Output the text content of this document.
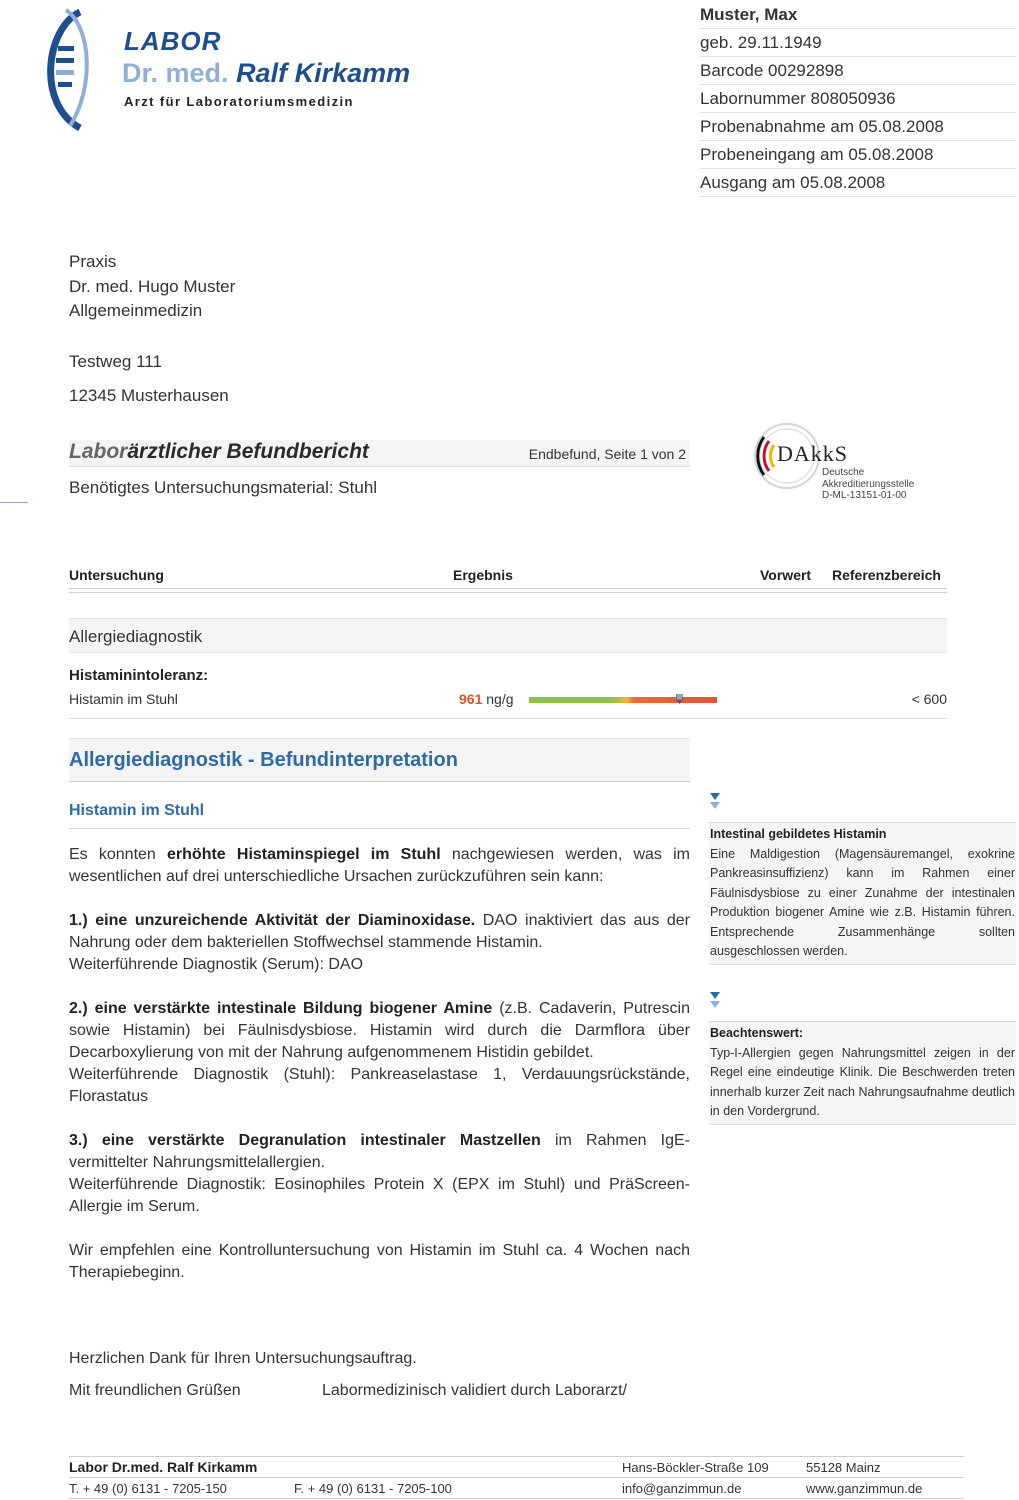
LABOR
Dr. med. Ralf Kirkamm
Arzt für Laboratoriumsmedizin
Muster, Max
geb. 29.11.1949
Barcode 00292898
Labornummer 808050936
Probenabnahme am 05.08.2008
Probeneingang am 05.08.2008
Ausgang am 05.08.2008
Praxis
Dr. med. Hugo Muster
Allgemeinmedizin
Testweg 111
12345 Musterhausen
Laborärztlicher Befundbericht	Endbefund, Seite 1 von 2
Benötigtes Untersuchungsmaterial: Stuhl
DAkkS
Deutsche
Akkreditierungsstelle
D-ML-13151-01-00
Untersuchung	Ergebnis	Vorwert Referenzbereich
Allergiediagnostik
Histaminintoleranz:
Histamin im Stuhl	961 ng/g	< 600
Allergiediagnostik - Befundinterpretation
Histamin im Stuhl
Es konnten erhöhte Histaminspiegel im Stuhl nachgewiesen werden, was im wesentlichen auf drei unterschiedliche Ursachen zurückzuführen sein kann:
1.) eine unzureichende Aktivität der Diaminoxidase. DAO inaktiviert das aus der Nahrung oder dem bakteriellen Stoffwechsel stammende Histamin.
Weiterführende Diagnostik (Serum): DAO
2.) eine verstärkte intestinale Bildung biogener Amine (z.B. Cadaverin, Putrescin sowie Histamin) bei Fäulnisdysbiose. Histamin wird durch die Darmflora über Decarboxylierung von mit der Nahrung aufgenommenem Histidin gebildet.
Weiterführende Diagnostik (Stuhl): Pankreaselastase 1, Verdauungsrückstände, Florastatus
3.) eine verstärkte Degranulation intestinaler Mastzellen im Rahmen IgE-vermittelter Nahrungsmittelallergien.
Weiterführende Diagnostik: Eosinophiles Protein X (EPX im Stuhl) und PräScreen-Allergie im Serum.
Wir empfehlen eine Kontrolluntersuchung von Histamin im Stuhl ca. 4 Wochen nach Therapiebeginn.
Intestinal gebildetes Histamin
Eine Maldigestion (Magensäuremangel, exokrine Pankreasinsuffizienz) kann im Rahmen einer Fäulnisdysbiose zu einer Zunahme der intestinalen Produktion biogener Amine wie z.B. Histamin führen. Entsprechende Zusammenhänge sollten ausgeschlossen werden.
Beachtenswert:
Typ-I-Allergien gegen Nahrungsmittel zeigen in der Regel eine eindeutige Klinik. Die Beschwerden treten innerhalb kurzer Zeit nach Nahrungsaufnahme deutlich in den Vordergrund.
Herzlichen Dank für Ihren Untersuchungsauftrag.
Mit freundlichen Grüßen	Labormedizinisch validiert durch Laborarzt/
Labor Dr.med. Ralf Kirkamm	Hans-Böckler-Straße 109	55128 Mainz
T. + 49 (0) 6131 - 7205-150	F. + 49 (0) 6131 - 7205-100	info@ganzimmun.de	www.ganzimmun.de
